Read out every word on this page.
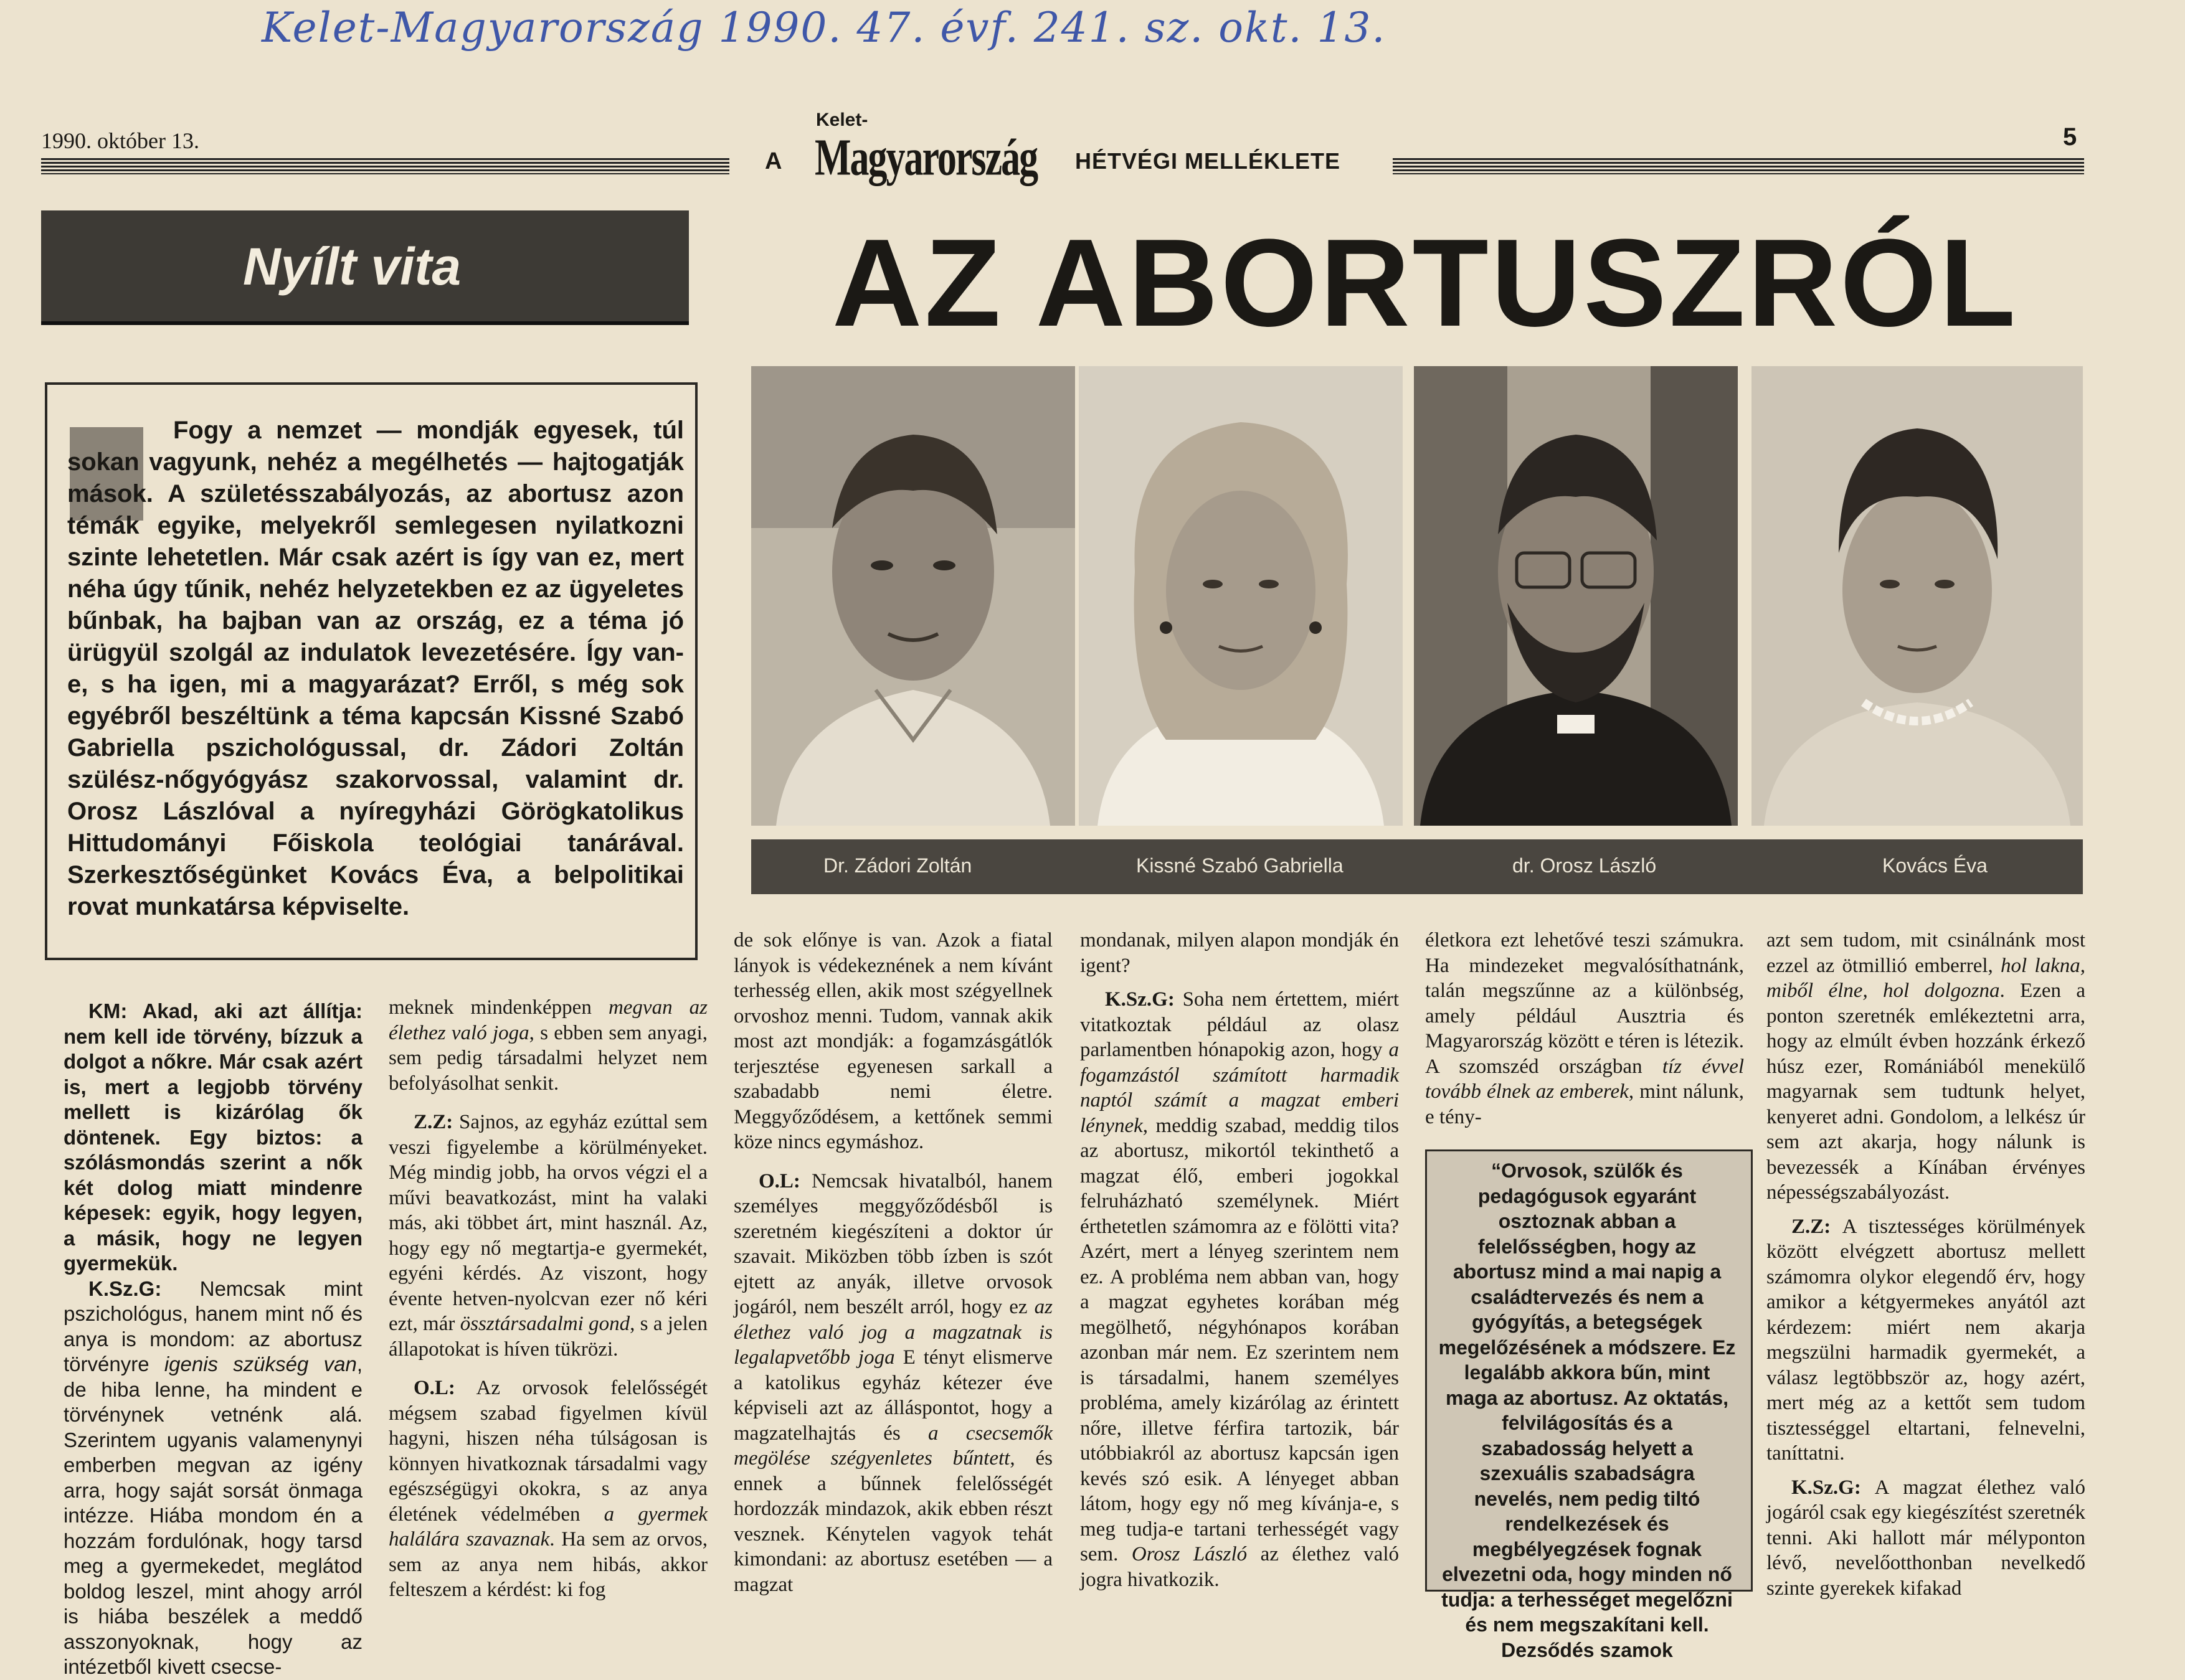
Kelet-Magyarország 1990. 47. évf. 241. sz. okt. 13.
1990. október 13.
A
Kelet-
Magyarország HÉTVÉGI MELLÉKLETE
5
Nyílt vita	AZ ABORTUSZRÓL
Fogy a nemzet — mondják egyesek, túl sokan vagyunk, nehéz a megélhetés — hajtogatják mások. A születésszabályozás, az abortusz azon témák egyike, melyekről semlegesen nyilatkozni szinte lehetetlen. Már csak azért is így van ez, mert néha úgy tűnik, nehéz helyzetekben ez az ügyeletes bűnbak, ha bajban van az ország, ez a téma jó ürügyül szolgál az indulatok levezetésére. Így van-e, s ha igen, mi a magyarázat? Erről, s még sok egyébről beszéltünk a téma kapcsán Kissné Szabó Gabriella pszichológussal, dr. Zádori Zoltán szülész-nőgyógyász szakorvossal, valamint dr. Orosz Lászlóval a nyíregyházi Görögkatolikus Hittudományi Főiskola teológiai tanárával. Szerkesztőségünket Kovács Éva, a belpolitikai rovat munkatársa képviselte.
Dr. Zádori Zoltán	Kissné Szabó Gabriella	dr. Orosz László	Kovács Éva

KM: Akad, aki azt állítja: nem kell ide törvény, bízzuk a dolgot a nőkre. Már csak azért is, mert a legjobb törvény mellett is kizárólag ők döntenek. Egy biztos: a szólásmondás szerint a nők két dolog miatt mindenre képesek: egyik, hogy legyen, a másik, hogy ne legyen gyermekük.

K.Sz.G: Nemcsak mint pszichológus, hanem mint nő és anya is mondom: az abortusz törvényre igenis szükség van, de hiba lenne, ha mindent e törvénynek vetnénk alá. Szerintem ugyanis valamenynyi emberben megvan az igény arra, hogy saját sorsát önmaga intézze. Hiába mondom én a hozzám fordulónak, hogy tarsd meg a gyermekedet, meglátod boldog leszel, mint ahogy arról is hiába beszélek a meddő asszonyoknak, hogy az intézetből kivett csecse-

meknek mindenképpen megvan az élethez való joga, s ebben sem anyagi, sem pedig társadalmi helyzet nem befolyásolhat senkit.

Z.Z: Sajnos, az egyház ezúttal sem veszi figyelembe a körülményeket. Még mindig jobb, ha orvos végzi el a művi beavatkozást, mint ha valaki más, aki többet árt, mint használ. Az, hogy egy nő megtartja-e gyermekét, egyéni kérdés. Az viszont, hogy évente hetven-nyolcvan ezer nő kéri ezt, már össztársadalmi gond, s a jelen állapotokat is híven tükrözi.

O.L: Az orvosok felelősségét mégsem szabad figyelmen kívül hagyni, hiszen néha túlságosan is könnyen hivatkoznak társadalmi vagy egészségügyi okokra, s az anya életének védelmében a gyermek halálára szavaznak. Ha sem az orvos, sem az anya nem hibás, akkor felteszem a kérdést: ki fog

de sok előnye is van. Azok a fiatal lányok is védekeznének a nem kívánt terhesség ellen, akik most szégyellnek orvoshoz menni. Tudom, vannak akik most azt mondják: a fogamzásgátlók terjesztése egyenesen sarkall a szabadabb nemi életre. Meggyőződésem, a kettőnek semmi köze nincs egymáshoz.

O.L: Nemcsak hivatalból, hanem személyes meggyőződésből is szeretném kiegészíteni a doktor úr szavait. Miközben több ízben is szót ejtett az anyák, illetve orvosok jogáról, nem beszélt arról, hogy ez az élethez való jog a magzatnak is legalapvetőbb joga E tényt elismerve a katolikus egyház kétezer éve képviseli azt az álláspontot, hogy a magzatelhajtás és a csecsemők megölése szégyenletes bűntett, és ennek a bűnnek felelősségét hordozzák mindazok, akik ebben részt vesznek. Kénytelen vagyok tehát kimondani: az abortusz esetében — a magzat

mondanak, milyen alapon mondják én igent?

K.Sz.G: Soha nem értettem, miért vitatkoztak például az olasz parlamentben hónapokig azon, hogy a fogamzástól számított harmadik naptól számít a magzat emberi lénynek, meddig szabad, meddig tilos az abortusz, mikortól tekinthető a magzat élő, emberi jogokkal felruházható személynek. Miért érthetetlen számomra az e fölötti vita? Azért, mert a lényeg szerintem nem ez. A probléma nem abban van, hogy a magzat egyhetes korában még megölhető, négyhónapos korában azonban már nem. Ez szerintem nem is társadalmi, hanem személyes probléma, amely kizárólag az érintett nőre, illetve férfira tartozik, bár utóbbiakról az abortusz kapcsán igen kevés szó esik. A lényeget abban látom, hogy egy nő meg kívánja-e, s meg tudja-e tartani terhességét vagy sem. Orosz László az élethez való jogra hivatkozik.

életkora ezt lehetővé teszi számukra. Ha mindezeket megvalósíthatnánk, talán megszűnne az a különbség, amely például Ausztria és Magyarország között e téren is létezik. A szomszéd országban tíz évvel tovább élnek az emberek, mint nálunk, e tény-

“Orvosok, szülők és pedagógusok egyaránt osztoznak abban a felelősségben, hogy az abortusz mind a mai napig a családtervezés és nem a gyógyítás, a betegségek megelőzésének a módszere. Ez legalább akkora bűn, mint maga az abortusz. Az oktatás, felvilágosítás és a szabadosság helyett a szexuális szabadságra nevelés, nem pedig tiltó rendelkezések és megbélyegzések fognak elvezetni oda, hogy minden nő tudja: a terhességet megelőzni és nem megszakítani kell. Dezsődés szamok

azt sem tudom, mit csinálnánk most ezzel az ötmillió emberrel, hol lakna, miből élne, hol dolgozna. Ezen a ponton szeretnék emlékeztetni arra, hogy az elmúlt évben hozzánk érkező húsz ezer, Romániából menekülő magyarnak sem tudtunk helyet, kenyeret adni. Gondolom, a lelkész úr sem azt akarja, hogy nálunk is bevezessék a Kínában érvényes népességszabályozást.

Z.Z: A tisztességes körülmények között elvégzett abortusz mellett számomra olykor elegendő érv, hogy amikor a kétgyermekes anyától azt kérdezem: miért nem akarja megszülni harmadik gyermekét, a válasz legtöbbször az, hogy azért, mert még az a kettőt sem tudom tisztességgel eltartani, felnevelni, taníttatni.

K.Sz.G: A magzat élethez való jogáról csak egy kiegészítést szeretnék tenni. Aki hallott már mélyponton lévő, nevelőotthonban nevelkedő szinte gyerekek kifakad
